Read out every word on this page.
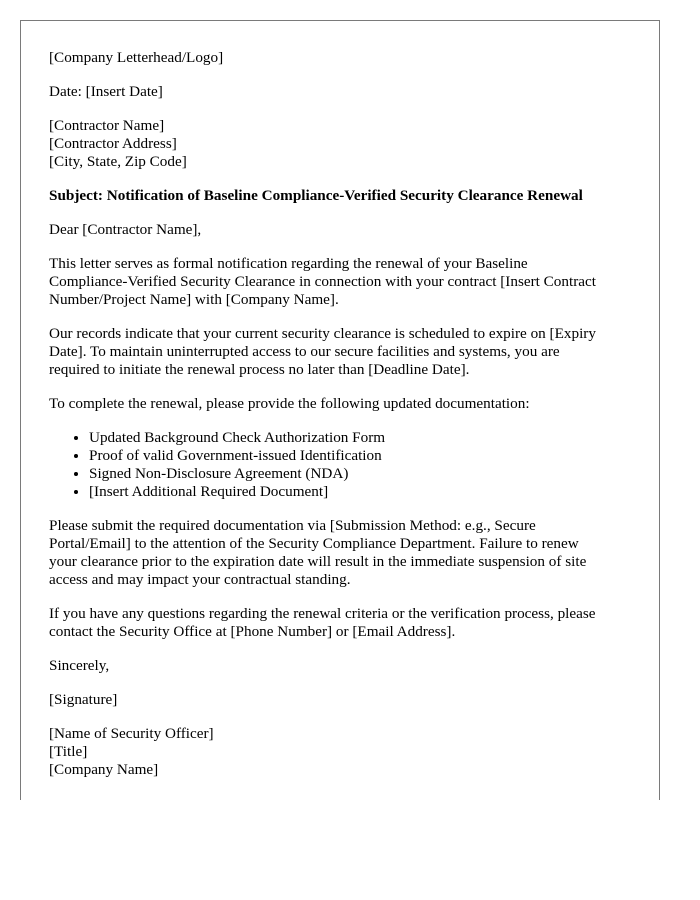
[Company Letterhead/Logo]
Date: [Insert Date]
[Contractor Name]
[Contractor Address]
[City, State, Zip Code]
Subject: Notification of Baseline Compliance-Verified Security Clearance Renewal
Dear [Contractor Name],
This letter serves as formal notification regarding the renewal of your Baseline
Compliance-Verified Security Clearance in connection with your contract [Insert Contract
Number/Project Name] with [Company Name].
Our records indicate that your current security clearance is scheduled to expire on [Expiry
Date]. To maintain uninterrupted access to our secure facilities and systems, you are
required to initiate the renewal process no later than [Deadline Date].
To complete the renewal, please provide the following updated documentation:
• Updated Background Check Authorization Form
• Proof of valid Government-issued Identification
• Signed Non-Disclosure Agreement (NDA)
• [Insert Additional Required Document]
Please submit the required documentation via [Submission Method: e.g., Secure
Portal/Email] to the attention of the Security Compliance Department. Failure to renew
your clearance prior to the expiration date will result in the immediate suspension of site
access and may impact your contractual standing.
If you have any questions regarding the renewal criteria or the verification process, please
contact the Security Office at [Phone Number] or [Email Address].
Sincerely,
[Signature]
[Name of Security Officer]
[Title]
[Company Name]
